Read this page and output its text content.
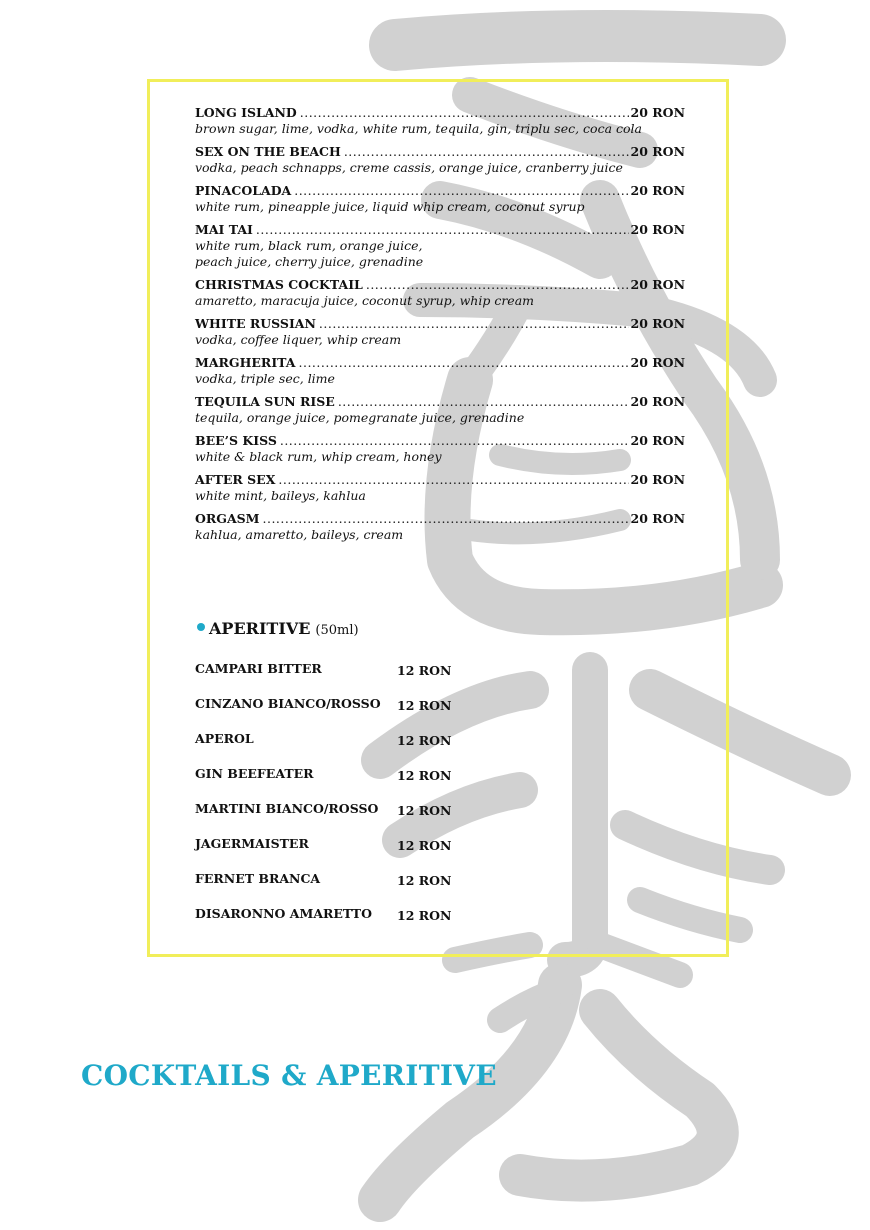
LONG ISLAND .....	20 RON
brown sugar, lime, vodka, white rum, tequila, gin, triplu sec, coca cola
SEX ON THE BEACH .....	20 RON
vodka, peach schnapps, creme cassis, orange juice, cranberry juice
PINACOLADA .....	20 RON
white rum, pineapple juice, liquid whip cream, coconut syrup
MAI TAI .....	20 RON
white rum, black rum, orange juice,
peach juice, cherry juice, grenadine
CHRISTMAS COCKTAIL .....	20 RON
amaretto, maracuja juice, coconut syrup, whip cream
WHITE RUSSIAN .....	20 RON
vodka, coffee liquer, whip cream
MARGHERITA .....	20 RON
vodka, triple sec, lime
TEQUILA SUN RISE .....	20 RON
tequila, orange juice, pomegranate juice, grenadine
BEE’S KISS .....	20 RON
white & black rum, whip cream, honey
AFTER SEX .....	20 RON
white mint, baileys, kahlua
ORGASM .....	20 RON
kahlua, amaretto, baileys, cream
APERITIVE (50ml)
CAMPARI BITTER	12 RON
CINZANO BIANCO/ROSSO	12 RON
APEROL	12 RON
GIN BEEFEATER	12 RON
MARTINI BIANCO/ROSSO	12 RON
JAGERMAISTER	12 RON
FERNET BRANCA	12 RON
DISARONNO AMARETTO	12 RON
COCKTAILS & APERITIVE
